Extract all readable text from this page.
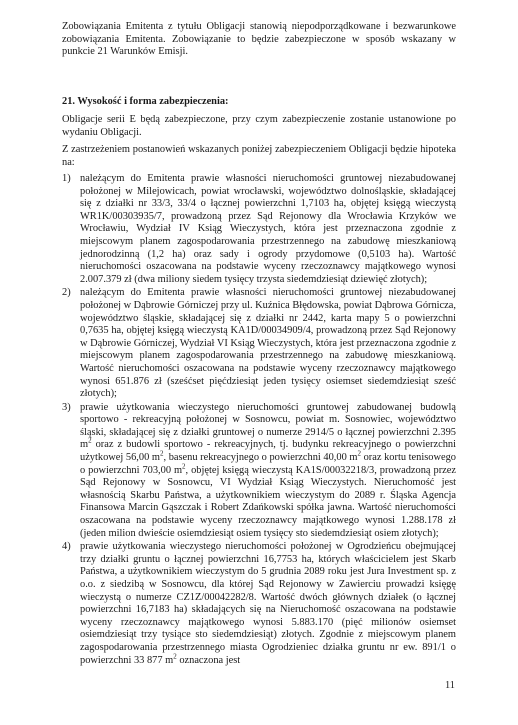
Zobowiązania Emitenta z tytułu Obligacji stanowią niepodporządkowane i bezwarunkowe zobowiązania Emitenta. Zobowiązanie to będzie zabezpieczone w sposób wskazany w punkcie 21 Warunków Emisji.

21. Wysokość i forma zabezpieczenia:

Obligacje serii E będą zabezpieczone, przy czym zabezpieczenie zostanie ustanowione po wydaniu Obligacji.

Z zastrzeżeniem postanowień wskazanych poniżej zabezpieczeniem Obligacji będzie hipoteka na:

1) należącym do Emitenta prawie własności nieruchomości gruntowej niezabudowanej położonej w Milejowicach, powiat wrocławski, województwo dolnośląskie, składającej się z działki nr 33/3, 33/4 o łącznej powierzchni 1,7103 ha, objętej księgą wieczystą WR1K/00303935/7, prowadzoną przez Sąd Rejonowy dla Wrocławia Krzyków we Wrocławiu, Wydział IV Ksiąg Wieczystych, która jest przeznaczona zgodnie z miejscowym planem zagospodarowania przestrzennego na zabudowę mieszkaniową jednorodzinną (1,2 ha) oraz sady i ogrody przydomowe (0,5103 ha). Wartość nieruchomości oszacowana na podstawie wyceny rzeczoznawcy majątkowego wynosi 2.007.379 zł (dwa miliony siedem tysięcy trzysta siedemdziesiąt dziewięć złotych);
2) należącym do Emitenta prawie własności nieruchomości gruntowej niezabudowanej położonej w Dąbrowie Górniczej przy ul. Kuźnica Błędowska, powiat Dąbrowa Górnicza, województwo śląskie, składającej się z działki nr 2442, karta mapy 5 o powierzchni 0,7635 ha, objętej księgą wieczystą KA1D/00034909/4, prowadzoną przez Sąd Rejonowy w Dąbrowie Górniczej, Wydział VI Ksiąg Wieczystych, która jest przeznaczona zgodnie z miejscowym planem zagospodarowania przestrzennego na zabudowę mieszkaniową. Wartość nieruchomości oszacowana na podstawie wyceny rzeczoznawcy majątkowego wynosi 651.876 zł (sześćset pięćdziesiąt jeden tysięcy osiemset siedemdziesiąt sześć złotych);
3) prawie użytkowania wieczystego nieruchomości gruntowej zabudowanej budowlą sportowo - rekreacyjną położonej w Sosnowcu, powiat m. Sosnowiec, województwo śląski, składającej się z działki gruntowej o numerze 2914/5 o łącznej powierzchni 2.395 $m^2$ oraz z budowli sportowo - rekreacyjnych, tj. budynku rekreacyjnego o powierzchni użytkowej 56,00 $m^2$, basenu rekreacyjnego o powierzchni 40,00 $m^2$ oraz kortu tenisowego o powierzchni 703,00 $m^2$, objętej księgą wieczystą KA1S/00032218/3, prowadzoną przez Sąd Rejonowy w Sosnowcu, VI Wydział Ksiąg Wieczystych. Nieruchomość jest własnością Skarbu Państwa, a użytkownikiem wieczystym do 2089 r. Śląska Agencja Finansowa Marcin Gąszczak i Robert Zdańkowski spółka jawna. Wartość nieruchomości oszacowana na podstawie wyceny rzeczoznawcy majątkowego wynosi 1.288.178 zł (jeden milion dwieście osiemdziesiąt osiem tysięcy sto siedemdziesiąt osiem złotych);
4) prawie użytkowania wieczystego nieruchomości położonej w Ogrodzieńcu obejmującej trzy działki gruntu o łącznej powierzchni 16,7753 ha, których właścicielem jest Skarb Państwa, a użytkownikiem wieczystym do 5 grudnia 2089 roku jest Jura Investment sp. z o.o. z siedzibą w Sosnowcu, dla której Sąd Rejonowy w Zawierciu prowadzi księgę wieczystą o numerze CZ1Z/00042282/8. Wartość dwóch głównych działek (o łącznej powierzchni 16,7183 ha) składających się na Nieruchomość oszacowana na podstawie wyceny rzeczoznawcy majątkowego wynosi 5.883.170 (pięć milionów osiemset osiemdziesiąt trzy tysiące sto siedemdziesiąt) złotych. Zgodnie z miejscowym planem zagospodarowania przestrzennego miasta Ogrodzieniec działka gruntu nr ew. 891/1 o powierzchni 33 877 $m^2$ oznaczona jest
11
